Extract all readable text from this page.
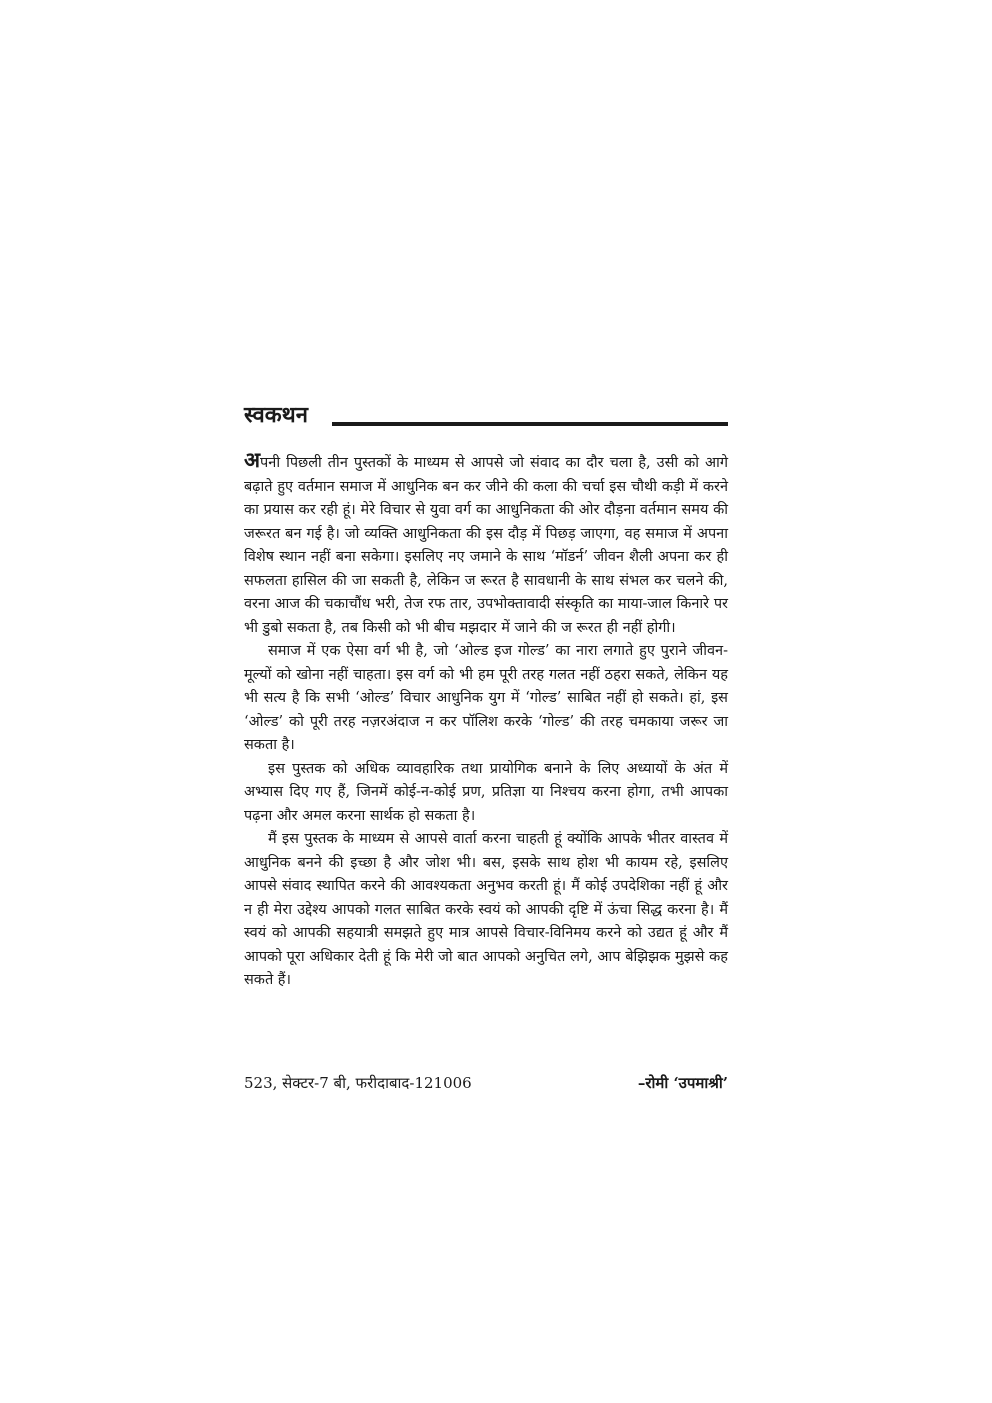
स्वकथन

अपनी पिछली तीन पुस्तकों के माध्यम से आपसे जो संवाद का दौर चला है, उसी को आगे बढ़ाते हुए वर्तमान समाज में आधुनिक बन कर जीने की कला की चर्चा इस चौथी कड़ी में करने का प्रयास कर रही हूं। मेरे विचार से युवा वर्ग का आधुनिकता की ओर दौड़ना वर्तमान समय की जरूरत बन गई है। जो व्यक्ति आधुनिकता की इस दौड़ में पिछड़ जाएगा, वह समाज में अपना विशेष स्थान नहीं बना सकेगा। इसलिए नए जमाने के साथ ‘मॉडर्न’ जीवन शैली अपना कर ही सफलता हासिल की जा सकती है, लेकिन ज रूरत है सावधानी के साथ संभल कर चलने की, वरना आज की चकाचौंध भरी, तेज रफ तार, उपभोक्तावादी संस्कृति का माया-जाल किनारे पर भी डुबो सकता है, तब किसी को भी बीच मझदार में जाने की ज रूरत ही नहीं होगी।

समाज में एक ऐसा वर्ग भी है, जो ‘ओल्ड इज गोल्ड’ का नारा लगाते हुए पुराने जीवन-मूल्यों को खोना नहीं चाहता। इस वर्ग को भी हम पूरी तरह गलत नहीं ठहरा सकते, लेकिन यह भी सत्य है कि सभी ‘ओल्ड’ विचार आधुनिक युग में ‘गोल्ड’ साबित नहीं हो सकते। हां, इस ‘ओल्ड’ को पूरी तरह नज़रअंदाज न कर पॉलिश करके ‘गोल्ड’ की तरह चमकाया जरूर जा सकता है।

इस पुस्तक को अधिक व्यावहारिक तथा प्रायोगिक बनाने के लिए अध्यायों के अंत में अभ्यास दिए गए हैं, जिनमें कोई-न-कोई प्रण, प्रतिज्ञा या निश्चय करना होगा, तभी आपका पढ़ना और अमल करना सार्थक हो सकता है।

मैं इस पुस्तक के माध्यम से आपसे वार्ता करना चाहती हूं क्योंकि आपके भीतर वास्तव में आधुनिक बनने की इच्छा है और जोश भी। बस, इसके साथ होश भी कायम रहे, इसलिए आपसे संवाद स्थापित करने की आवश्यकता अनुभव करती हूं। मैं कोई उपदेशिका नहीं हूं और न ही मेरा उद्देश्य आपको गलत साबित करके स्वयं को आपकी दृष्टि में ऊंचा सिद्ध करना है। मैं स्वयं को आपकी सहयात्री समझते हुए मात्र आपसे विचार-विनिमय करने को उद्यत हूं और मैं आपको पूरा अधिकार देती हूं कि मेरी जो बात आपको अनुचित लगे, आप बेझिझक मुझसे कह सकते हैं।

523, सेक्टर-7 बी, फरीदाबाद-121006	–रोमी ‘उपमाश्री’
